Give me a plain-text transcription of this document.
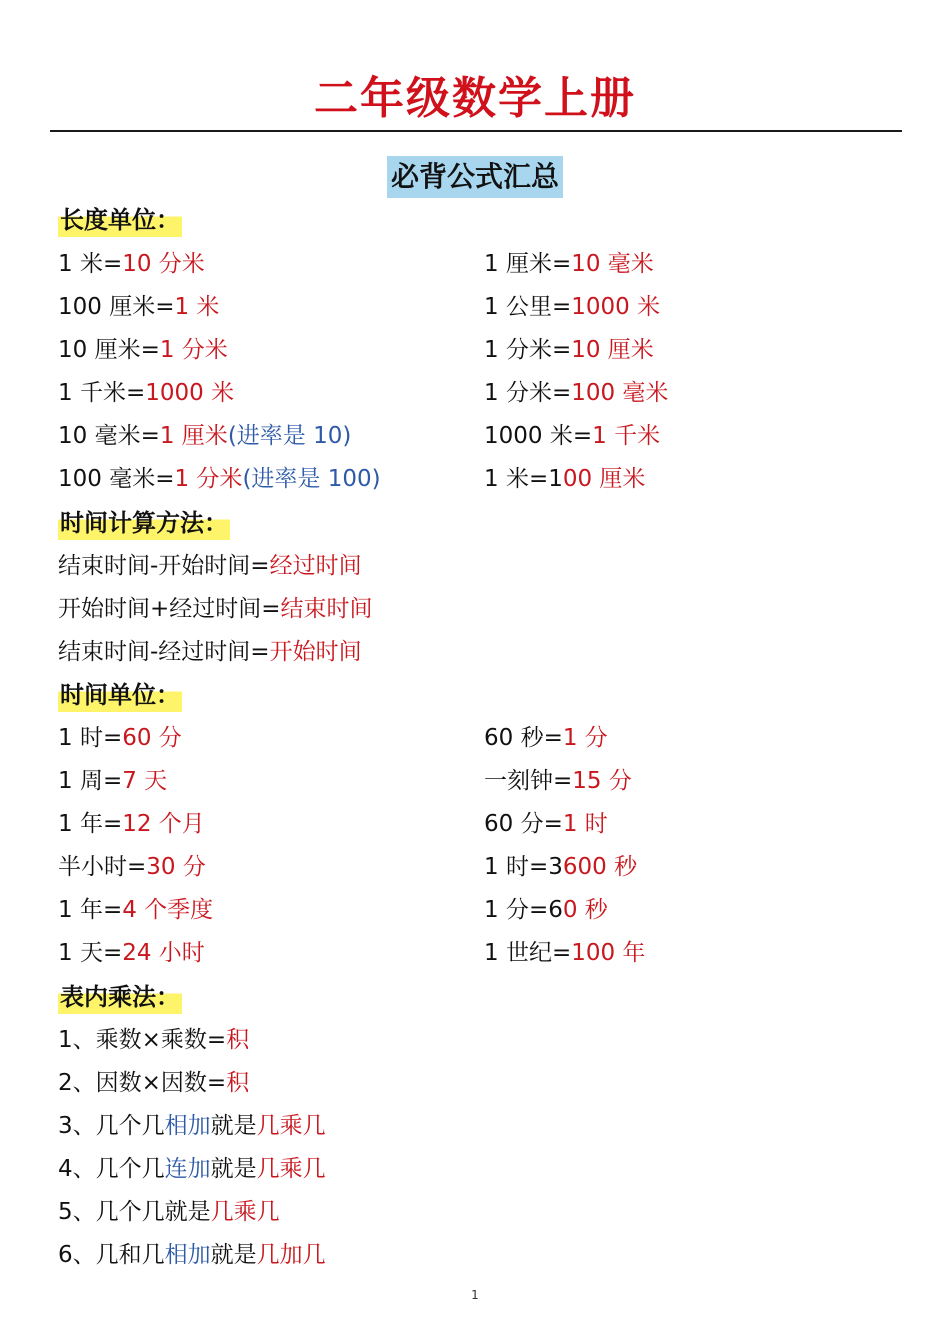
二年级数学上册
必背公式汇总
长度单位：
1 米=10 分米
100 厘米=1 米
10 厘米=1 分米
1 千米=1000 米
10 毫米=1 厘米(进率是 10)
100 毫米=1 分米(进率是 100)
1 厘米=10 毫米
1 公里=1000 米
1 分米=10 厘米
1 分米=100 毫米
1000 米=1 千米
1 米=100 厘米
时间计算方法：
结束时间-开始时间=经过时间
开始时间+经过时间=结束时间
结束时间-经过时间=开始时间
时间单位：
1 时=60 分
1 周=7 天
1 年=12 个月
半小时=30 分
1 年=4 个季度
1 天=24 小时
60 秒=1 分
一刻钟=15 分
60 分=1 时
1 时=3600 秒
1 分=60 秒
1 世纪=100 年
表内乘法：
1、乘数×乘数=积
2、因数×因数=积
3、几个几相加就是几乘几
4、几个几连加就是几乘几
5、几个几就是几乘几
6、几和几相加就是几加几
1
